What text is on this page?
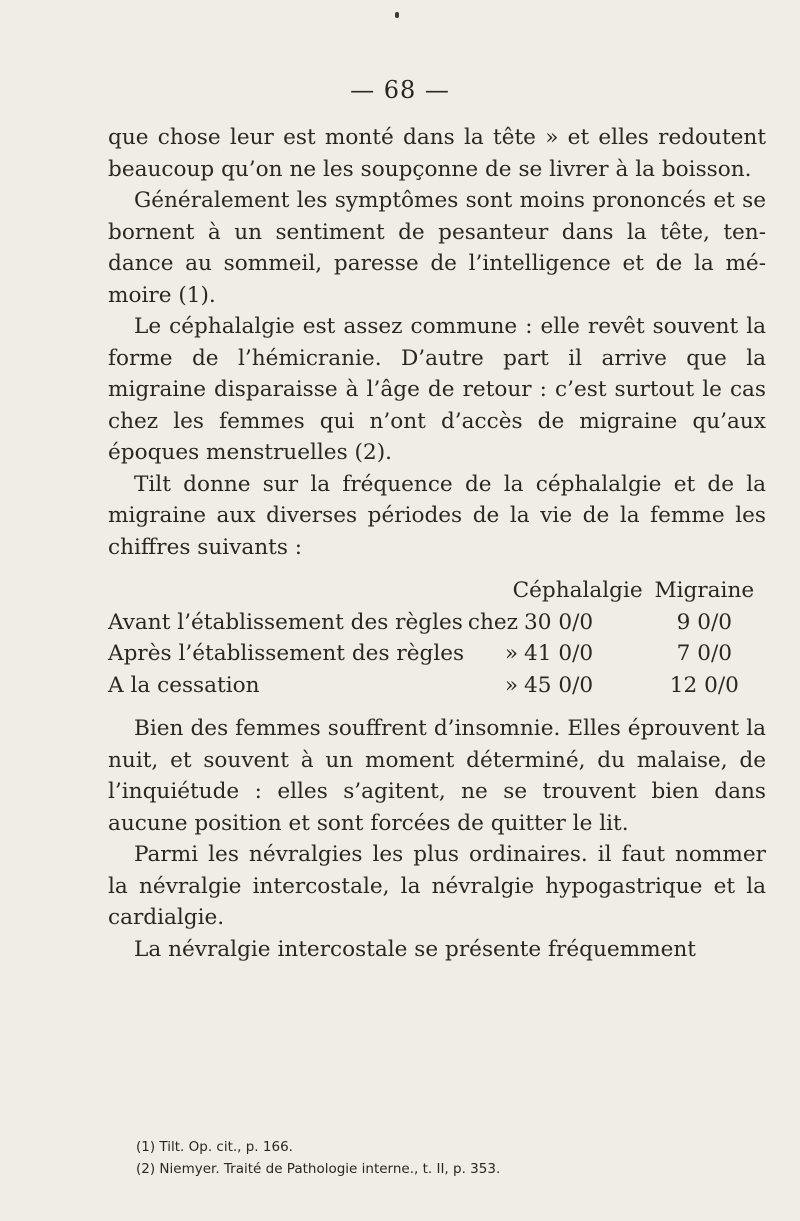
— 68 —

que chose leur est monté dans la tête » et elles redoutent beaucoup qu’on ne les soupçonne de se livrer à la boisson.

Généralement les symptômes sont moins prononcés et se bornent à un sentiment de pesanteur dans la tête, ten- dance au sommeil, paresse de l’intelligence et de la mé- moire (1).

Le céphalalgie est assez commune : elle revêt souvent la forme de l’hémicranie. D’autre part il arrive que la migraine disparaisse à l’âge de retour : c’est surtout le cas chez les femmes qui n’ont d’accès de migraine qu’aux époques menstruelles (2).

Tilt donne sur la fréquence de la céphalalgie et de la migraine aux diverses périodes de la vie de la femme les chiffres suivants :

	Céphalalgie		Migraine
Avant l’établissement des règles	chez	30 0/0	9 0/0
Après l’établissement des règles	»	41 0/0	7 0/0
A la cessation	»	45 0/0	12 0/0

Bien des femmes souffrent d’insomnie. Elles éprouvent la nuit, et souvent à un moment déterminé, du malaise, de l’inquiétude : elles s’agitent, ne se trouvent bien dans aucune position et sont forcées de quitter le lit.

Parmi les névralgies les plus ordinaires. il faut nommer la névralgie intercostale, la névralgie hypogastrique et la cardialgie.

La névralgie intercostale se présente fréquemment

(1) Tilt. Op. cit., p. 166.
(2) Niemyer. Traité de Pathologie interne., t. II, p. 353.
